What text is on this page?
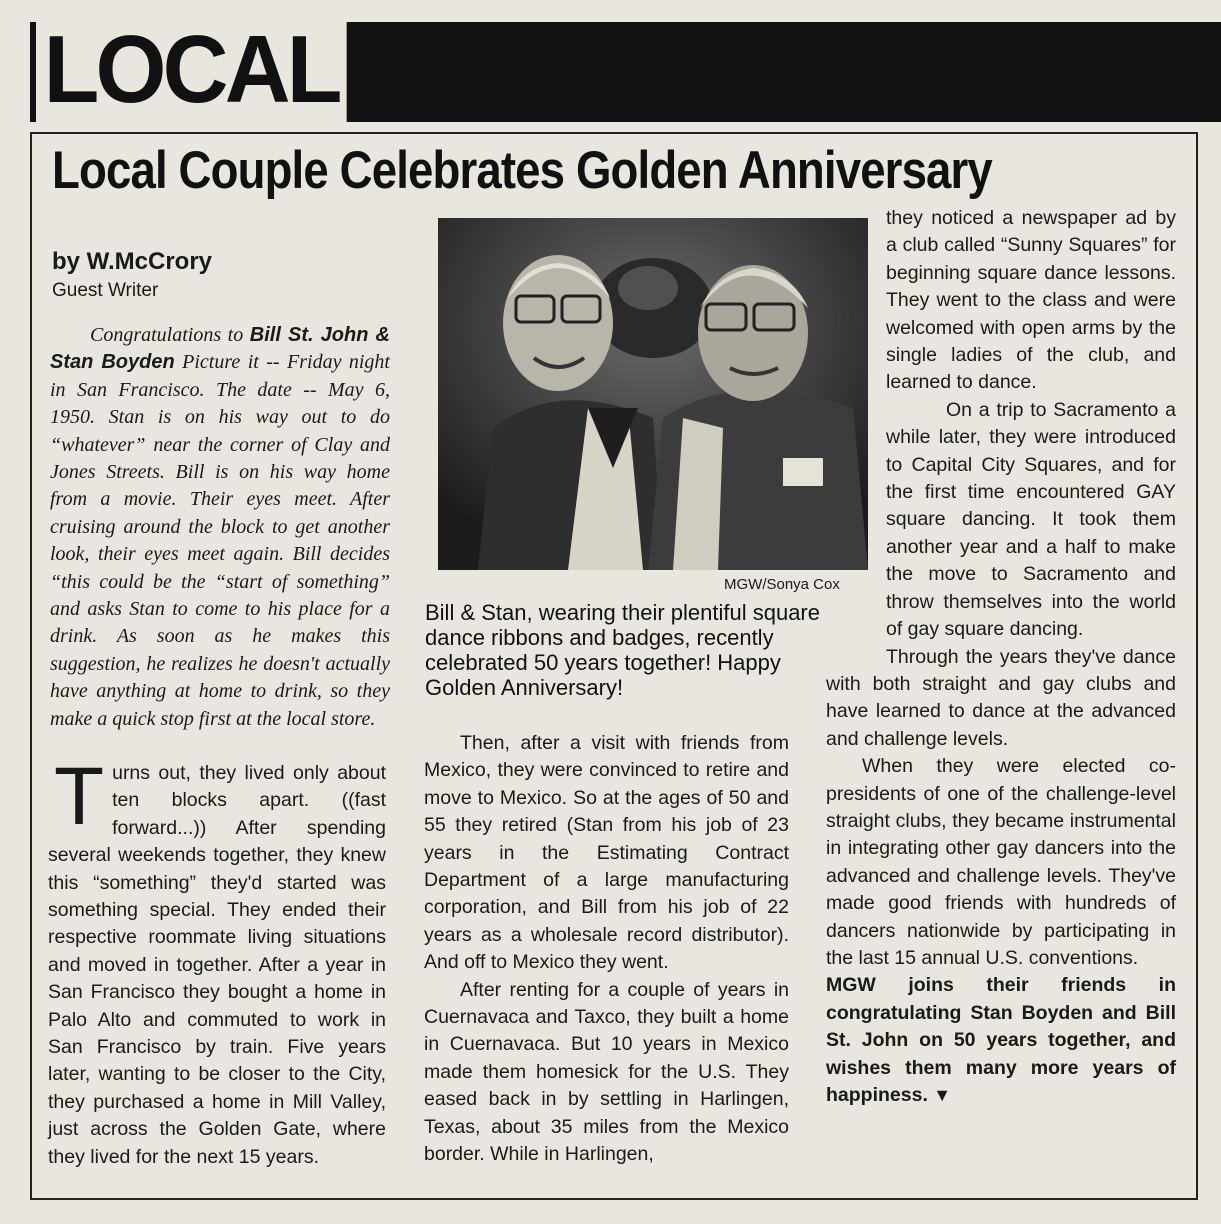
LOCAL
Local Couple Celebrates Golden Anniversary
by W.McCrory
Guest Writer
Congratulations to Bill St. John & Stan Boyden Picture it -- Friday night in San Francisco. The date -- May 6, 1950. Stan is on his way out to do “whatever” near the corner of Clay and Jones Streets. Bill is on his way home from a movie. Their eyes meet. After cruising around the block to get another look, their eyes meet again. Bill decides “this could be the “start of something” and asks Stan to come to his place for a drink. As soon as he makes this suggestion, he realizes he doesn't actually have anything at home to drink, so they make a quick stop first at the local store.
Turns out, they lived only about ten blocks apart. ((fast forward...)) After spending several weekends together, they knew this “something” they'd started was something special. They ended their respective roommate living situations and moved in together. After a year in San Francisco they bought a home in Palo Alto and commuted to work in San Francisco by train. Five years later, wanting to be closer to the City, they purchased a home in Mill Valley, just across the Golden Gate, where they lived for the next 15 years.
MGW/Sonya Cox
Bill & Stan, wearing their plentiful square dance ribbons and badges, recently celebrated 50 years together! Happy Golden Anniversary!

Then, after a visit with friends from Mexico, they were convinced to retire and move to Mexico. So at the ages of 50 and 55 they retired (Stan from his job of 23 years in the Estimating Contract Department of a large manufacturing corporation, and Bill from his job of 22 years as a wholesale record distributor). And off to Mexico they went.

After renting for a couple of years in Cuernavaca and Taxco, they built a home in Cuernavaca. But 10 years in Mexico made them homesick for the U.S. They eased back in by settling in Harlingen, Texas, about 35 miles from the Mexico border. While in Harlingen,

they noticed a newspaper ad by a club called “Sunny Squares” for beginning square dance lessons. They went to the class and were welcomed with open arms by the single ladies of the club, and learned to dance.

On a trip to Sacramento a while later, they were introduced to Capital City Squares, and for the first time encountered GAY square dancing. It took them another year and a half to make the move to Sacramento and throw themselves into the world of gay square dancing.

Through the years they've dance with both straight and gay clubs and have learned to dance at the advanced and challenge levels.

When they were elected co-presidents of one of the challenge-level straight clubs, they became instrumental in integrating other gay dancers into the advanced and challenge levels. They've made good friends with hundreds of dancers nationwide by participating in the last 15 annual U.S. conventions.

MGW joins their friends in congratulating Stan Boyden and Bill St. John on 50 years together, and wishes them many more years of happiness. ▼
